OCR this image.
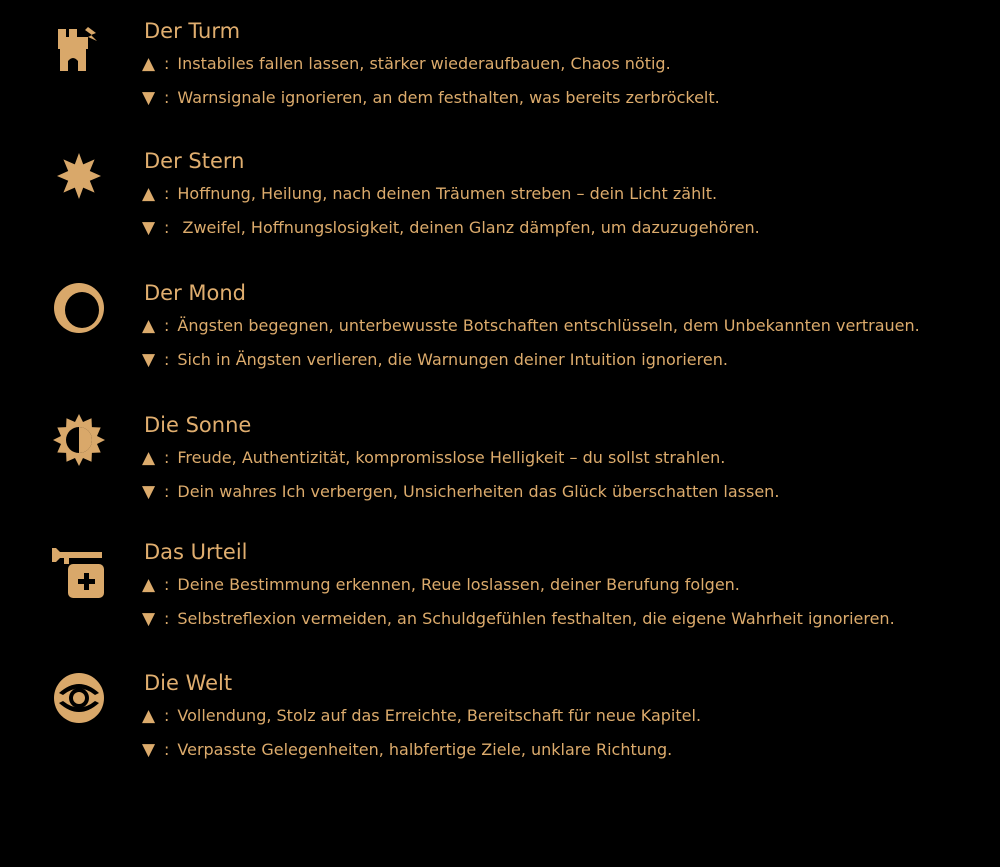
Der Turm
▲ : Instabiles fallen lassen, stärker wiederaufbauen, Chaos nötig.
▼ : Warnsignale ignorieren, an dem festhalten, was bereits zerbröckelt.
Der Stern
▲ : Hoffnung, Heilung, nach deinen Träumen streben – dein Licht zählt.
▼ : Zweifel, Hoffnungslosigkeit, deinen Glanz dämpfen, um dazuzugehören.
Der Mond
▲ : Ängsten begegnen, unterbewusste Botschaften entschlüsseln, dem Unbekannten vertrauen.
▼ : Sich in Ängsten verlieren, die Warnungen deiner Intuition ignorieren.
Die Sonne
▲ : Freude, Authentizität, kompromisslose Helligkeit – du sollst strahlen.
▼ : Dein wahres Ich verbergen, Unsicherheiten das Glück überschatten lassen.
Das Urteil
▲ : Deine Bestimmung erkennen, Reue loslassen, deiner Berufung folgen.
▼ : Selbstreflexion vermeiden, an Schuldgefühlen festhalten, die eigene Wahrheit ignorieren.
Die Welt
▲ : Vollendung, Stolz auf das Erreichte, Bereitschaft für neue Kapitel.
▼ : Verpasste Gelegenheiten, halbfertige Ziele, unklare Richtung.
